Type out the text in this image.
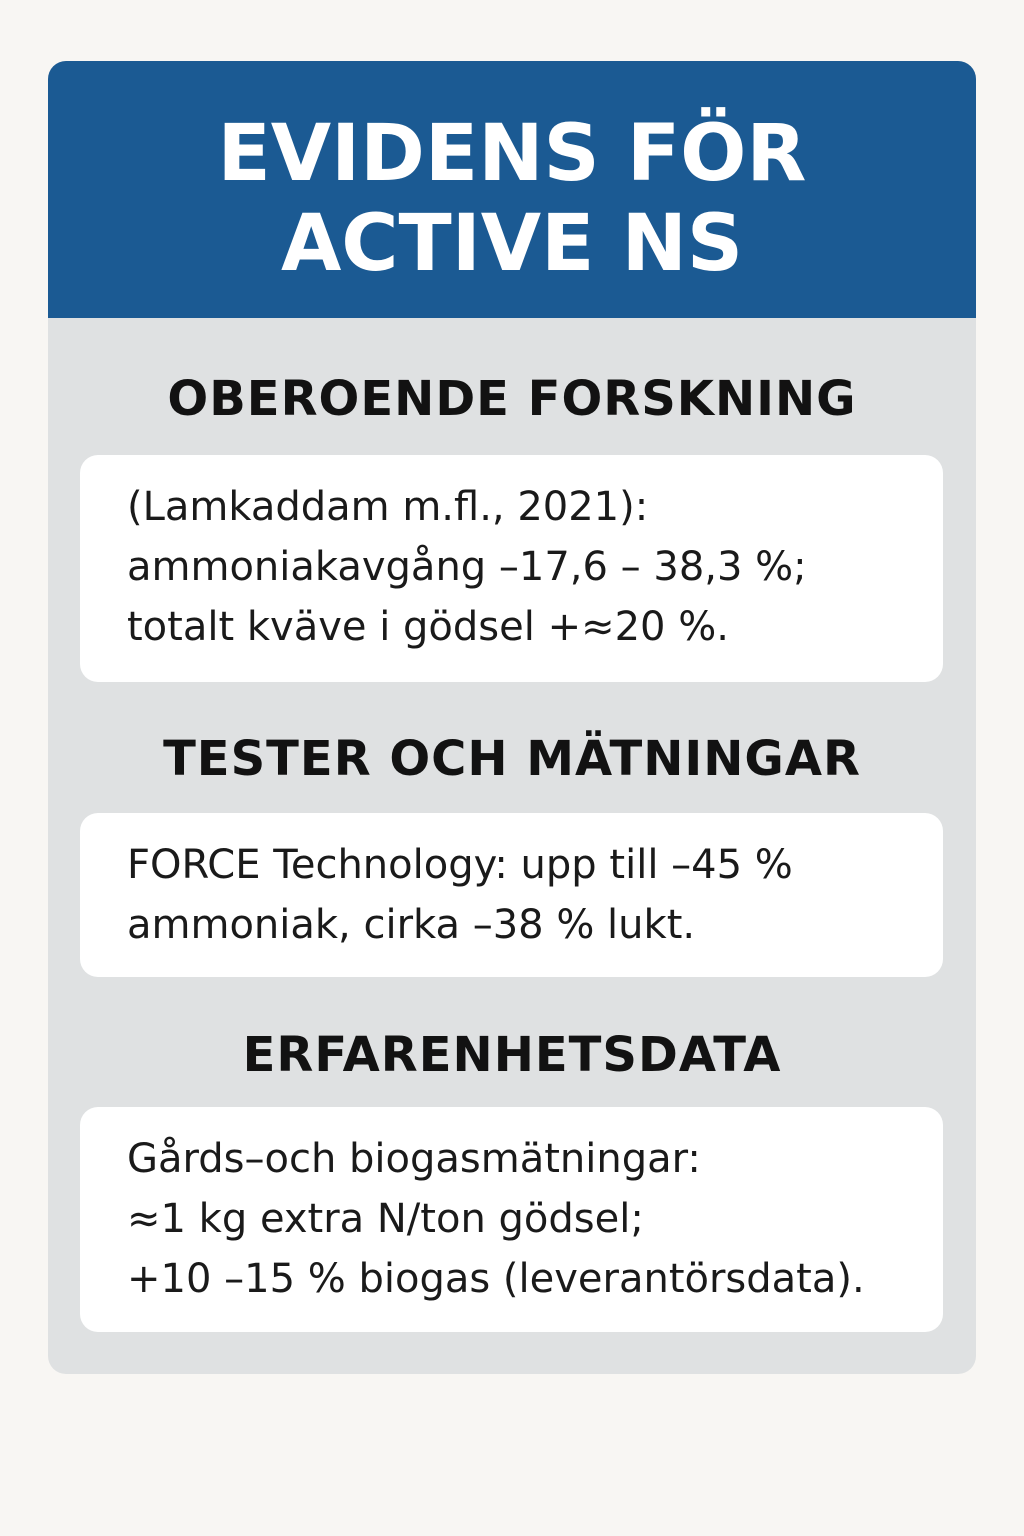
EVIDENS FÖR
ACTIVE NS
OBEROENDE FORSKNING

(Lamkaddam m.fl., 2021):
ammoniakavgång –17,6 – 38,3 %;
totalt kväve i gödsel +≈20 %.

TESTER OCH MÄTNINGAR

FORCE Technology: upp till –45 %
ammoniak, cirka –38 % lukt.

ERFARENHETSDATA

Gårds–och biogasmätningar:
≈1 kg extra N/ton gödsel;
+10 –15 % biogas (leverantörsdata).
